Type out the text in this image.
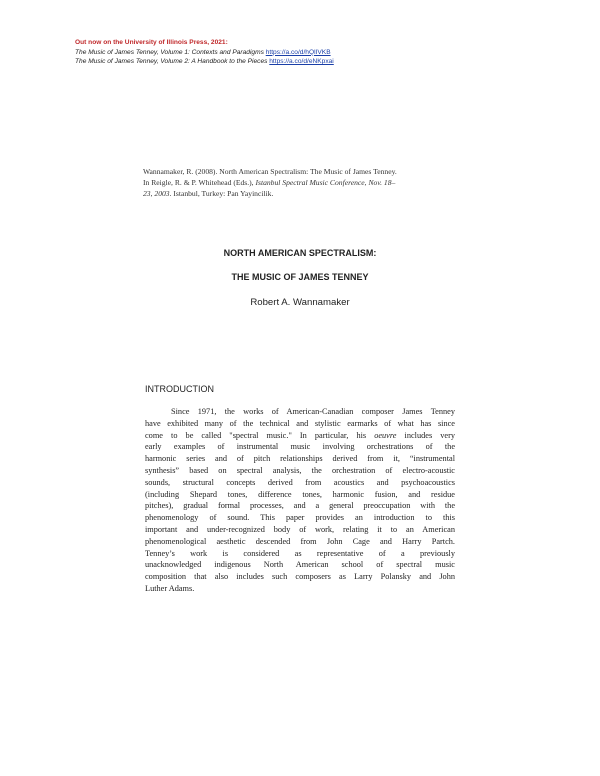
Out now on the University of Illinois Press, 2021:
The Music of James Tenney, Volume 1: Contexts and Paradigms https://a.co/d/hQlIVKB
The Music of James Tenney, Volume 2: A Handbook to the Pieces https://a.co/d/eNKpxai
Wannamaker, R. (2008). North American Spectralism: The Music of James Tenney.
In Reigle, R. & P. Whitehead (Eds.), Istanbul Spectral Music Conference, Nov. 18–
23, 2003. Istanbul, Turkey: Pan Yayincilik.
NORTH AMERICAN SPECTRALISM:
THE MUSIC OF JAMES TENNEY
Robert A. Wannamaker
INTRODUCTION
Since 1971, the works of American-Canadian composer James Tenney
have exhibited many of the technical and stylistic earmarks of what has since
come to be called "spectral music." In particular, his oeuvre includes very
early examples of instrumental music involving orchestrations of the
harmonic series and of pitch relationships derived from it, “instrumental
synthesis” based on spectral analysis, the orchestration of electro-acoustic
sounds, structural concepts derived from acoustics and psychoacoustics
(including Shepard tones, difference tones, harmonic fusion, and residue
pitches), gradual formal processes, and a general preoccupation with the
phenomenology of sound. This paper provides an introduction to this
important and under-recognized body of work, relating it to an American
phenomenological aesthetic descended from John Cage and Harry Partch.
Tenney’s work is considered as representative of a previously
unacknowledged indigenous North American school of spectral music
composition that also includes such composers as Larry Polansky and John
Luther Adams.
